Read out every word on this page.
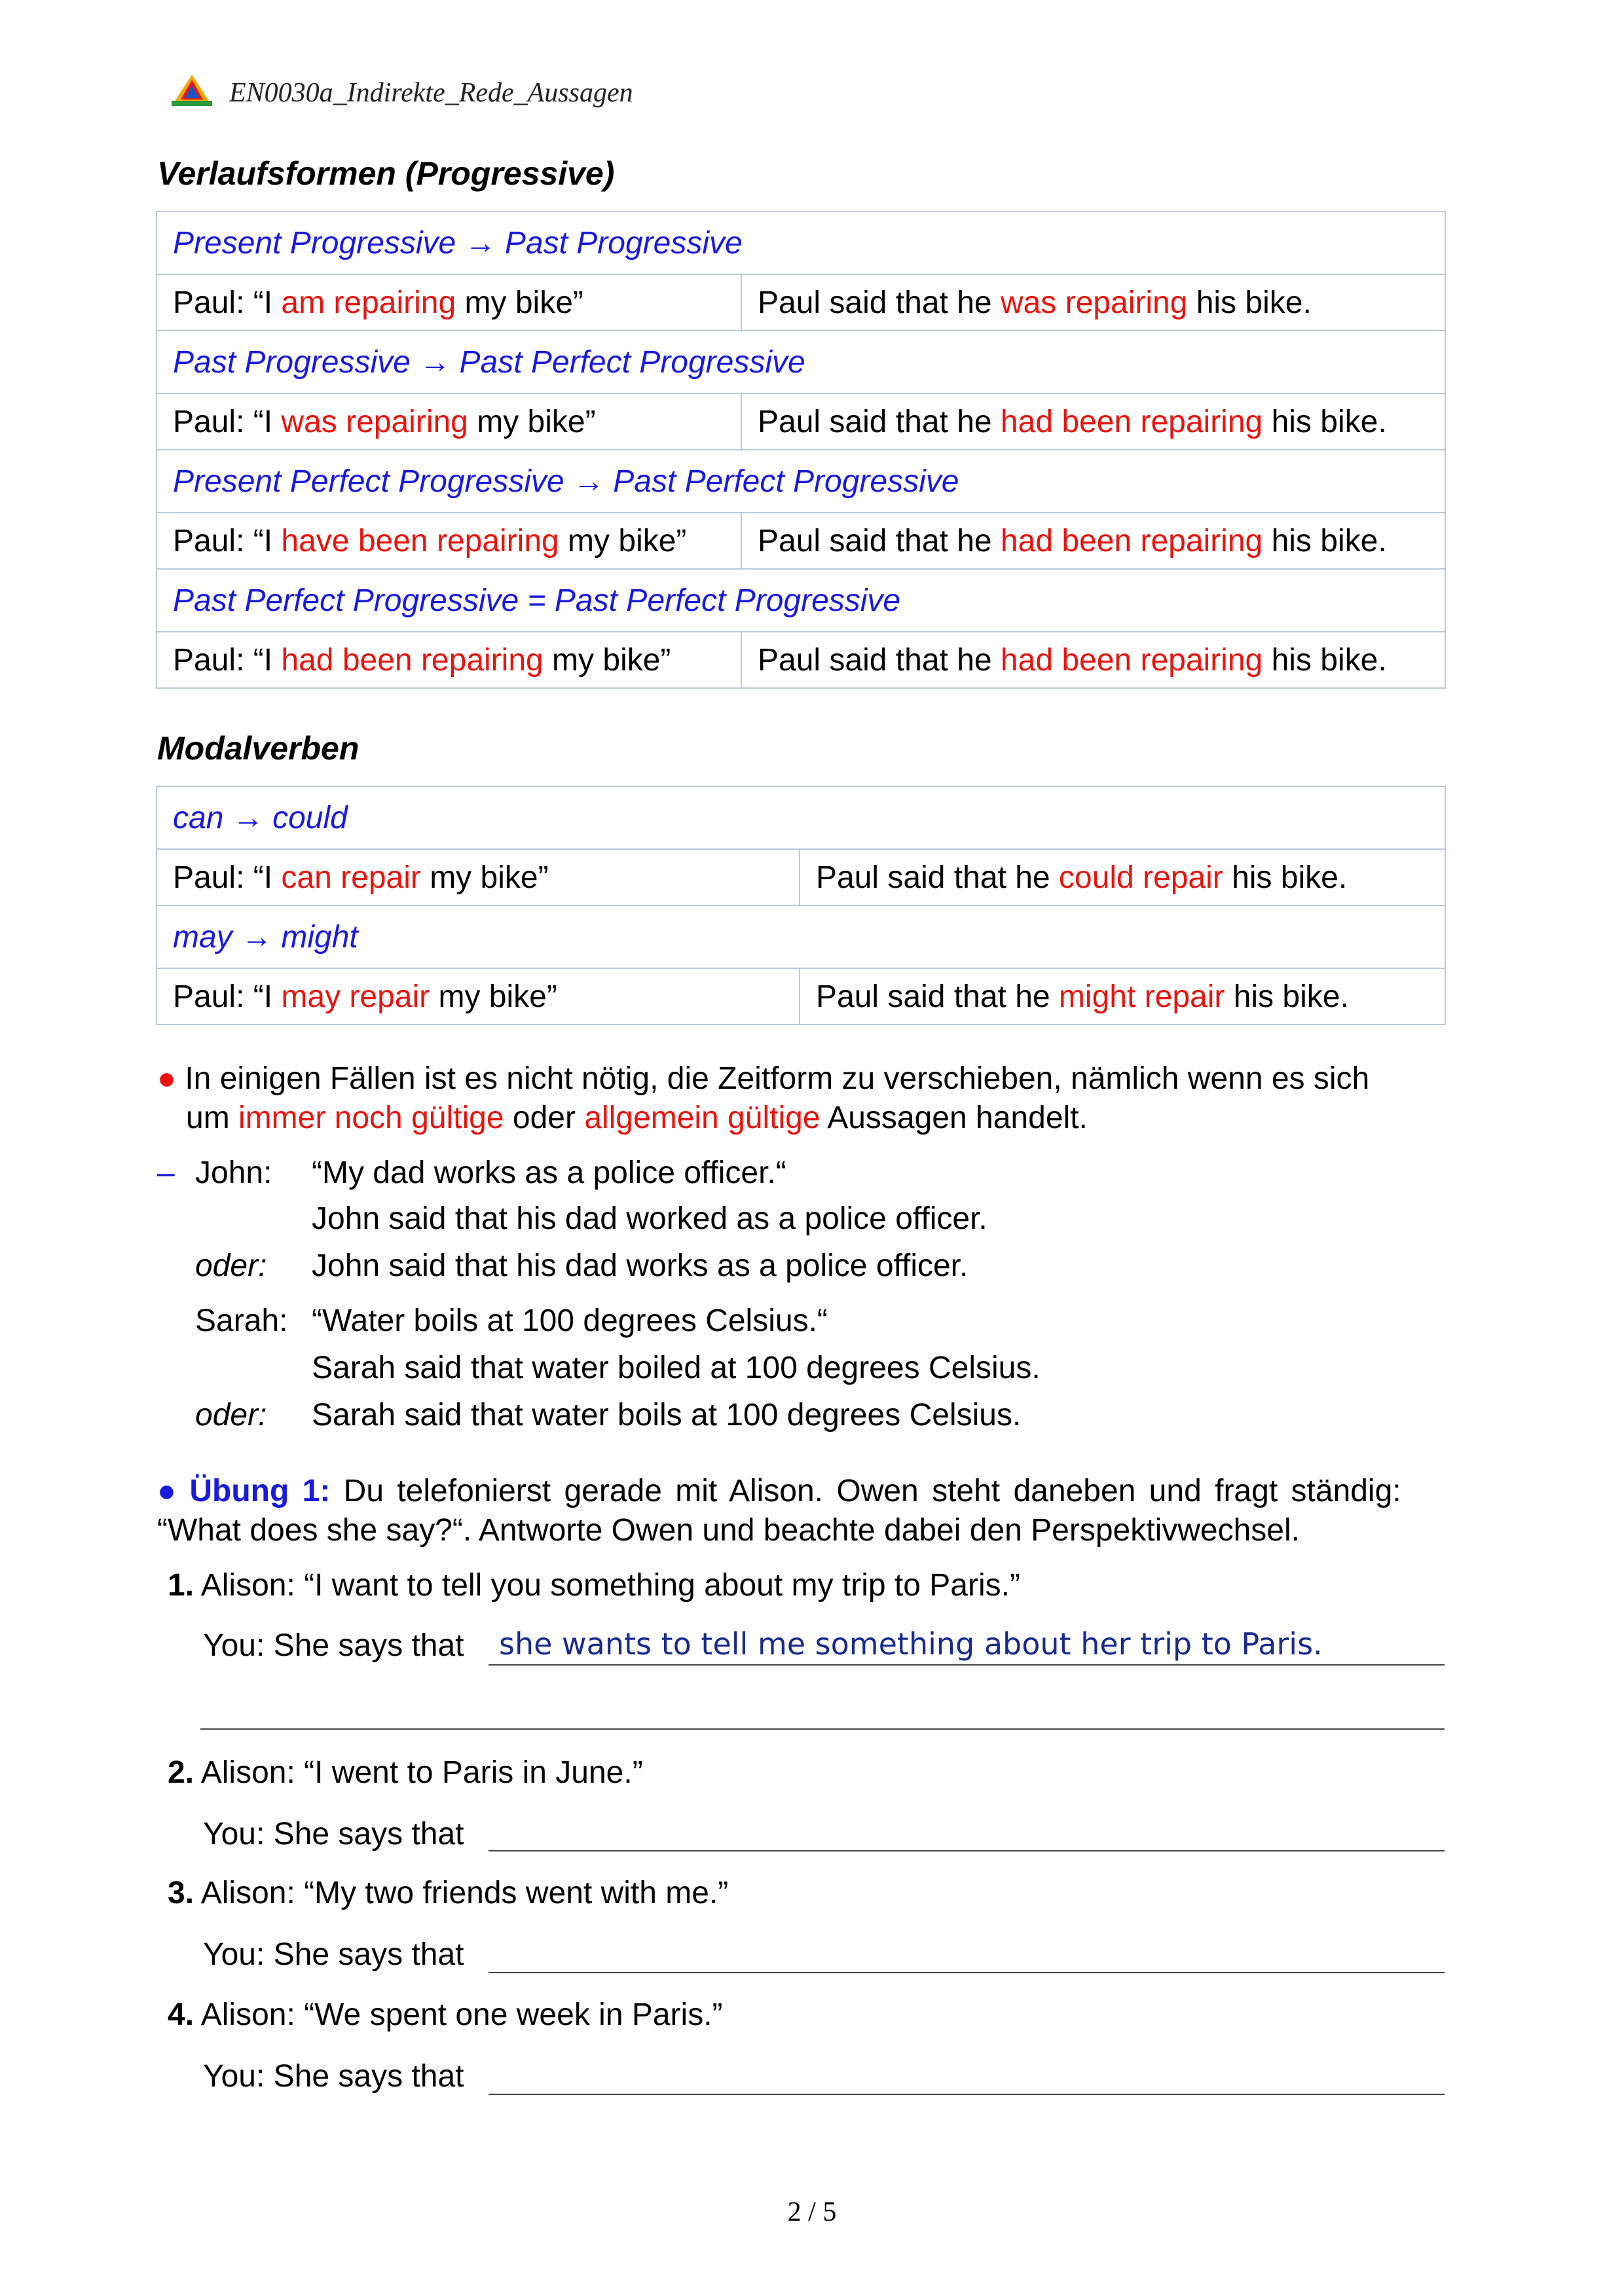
EN0030a_Indirekte_Rede_Aussagen
Verlaufsformen (Progressive)
Present Progressive → Past Progressive	
Paul: “I am repairing my bike”	Paul said that he was repairing his bike.
Past Progressive → Past Perfect Progressive	
Paul: “I was repairing my bike”	Paul said that he had been repairing his bike.
Present Perfect Progressive → Past Perfect Progressive	
Paul: “I have been repairing my bike”	Paul said that he had been repairing his bike.
Past Perfect Progressive = Past Perfect Progressive	
Paul: “I had been repairing my bike”	Paul said that he had been repairing his bike.
Modalverben
can → could	
Paul: “I can repair my bike”	Paul said that he could repair his bike.
may → might	
Paul: “I may repair my bike”	Paul said that he might repair his bike.
● In einigen Fällen ist es nicht nötig, die Zeitform zu verschieben, nämlich wenn es sich
um immer noch gültige oder allgemein gültige Aussagen handelt.
– John: “My dad works as a police officer.“
John said that his dad worked as a police officer.
oder: John said that his dad works as a police officer.
Sarah: “Water boils at 100 degrees Celsius.“
Sarah said that water boiled at 100 degrees Celsius.
oder: Sarah said that water boils at 100 degrees Celsius.
● Übung 1: Du telefonierst gerade mit Alison. Owen steht daneben und fragt ständig:
“What does she say?“. Antworte Owen und beachte dabei den Perspektivwechsel.
1. Alison: “I want to tell you something about my trip to Paris.”
You: She says that she wants to tell me something about her trip to Paris.
2. Alison: “I went to Paris in June.”
You: She says that
3. Alison: “My two friends went with me.”
You: She says that
4. Alison: “We spent one week in Paris.”
You: She says that
2 / 5
